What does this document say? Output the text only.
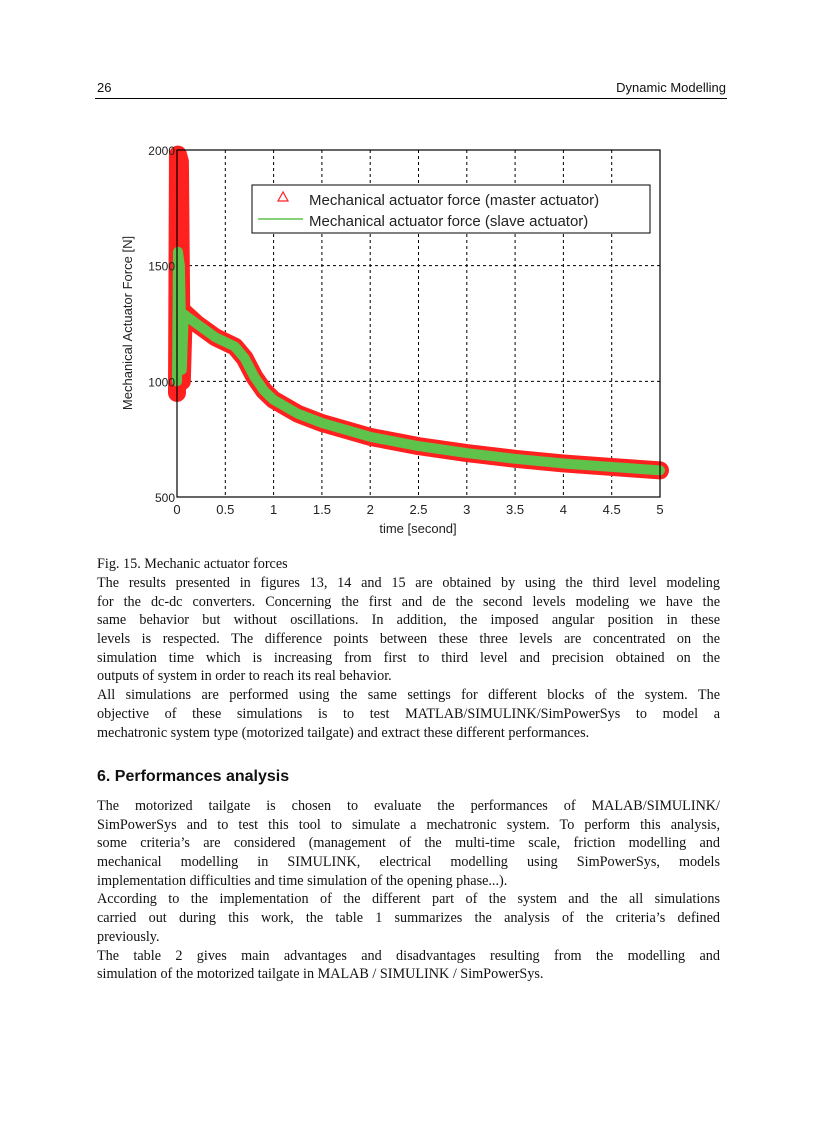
26	Dynamic Modelling
0	0.5	1	1.5	2	2.5	3	3.5	4	4.5	5
500
1000
1500
2000
time [second]
Mechanical Actuator Force [N]
Mechanical actuator force (master actuator)
Mechanical actuator force (slave actuator)
Fig. 15. Mechanic actuator forces
The results presented in figures 13, 14 and 15 are obtained by using the third level modeling
for the dc-dc converters. Concerning the first and de the second levels modeling we have the
same behavior but without oscillations. In addition, the imposed angular position in these
levels is respected. The difference points between these three levels are concentrated on the
simulation time which is increasing from first to third level and precision obtained on the
outputs of system in order to reach its real behavior.
All simulations are performed using the same settings for different blocks of the system. The
objective of these simulations is to test MATLAB/SIMULINK/SimPowerSys to model a
mechatronic system type (motorized tailgate) and extract these different performances.
6. Performances analysis
The motorized tailgate is chosen to evaluate the performances of MALAB/SIMULINK/
SimPowerSys and to test this tool to simulate a mechatronic system. To perform this analysis,
some criteria’s are considered (management of the multi-time scale, friction modelling and
mechanical modelling in SIMULINK, electrical modelling using SimPowerSys, models
implementation difficulties and time simulation of the opening phase...).
According to the implementation of the different part of the system and the all simulations
carried out during this work, the table 1 summarizes the analysis of the criteria’s defined
previously.
The table 2 gives main advantages and disadvantages resulting from the modelling and
simulation of the motorized tailgate in MALAB / SIMULINK / SimPowerSys.
